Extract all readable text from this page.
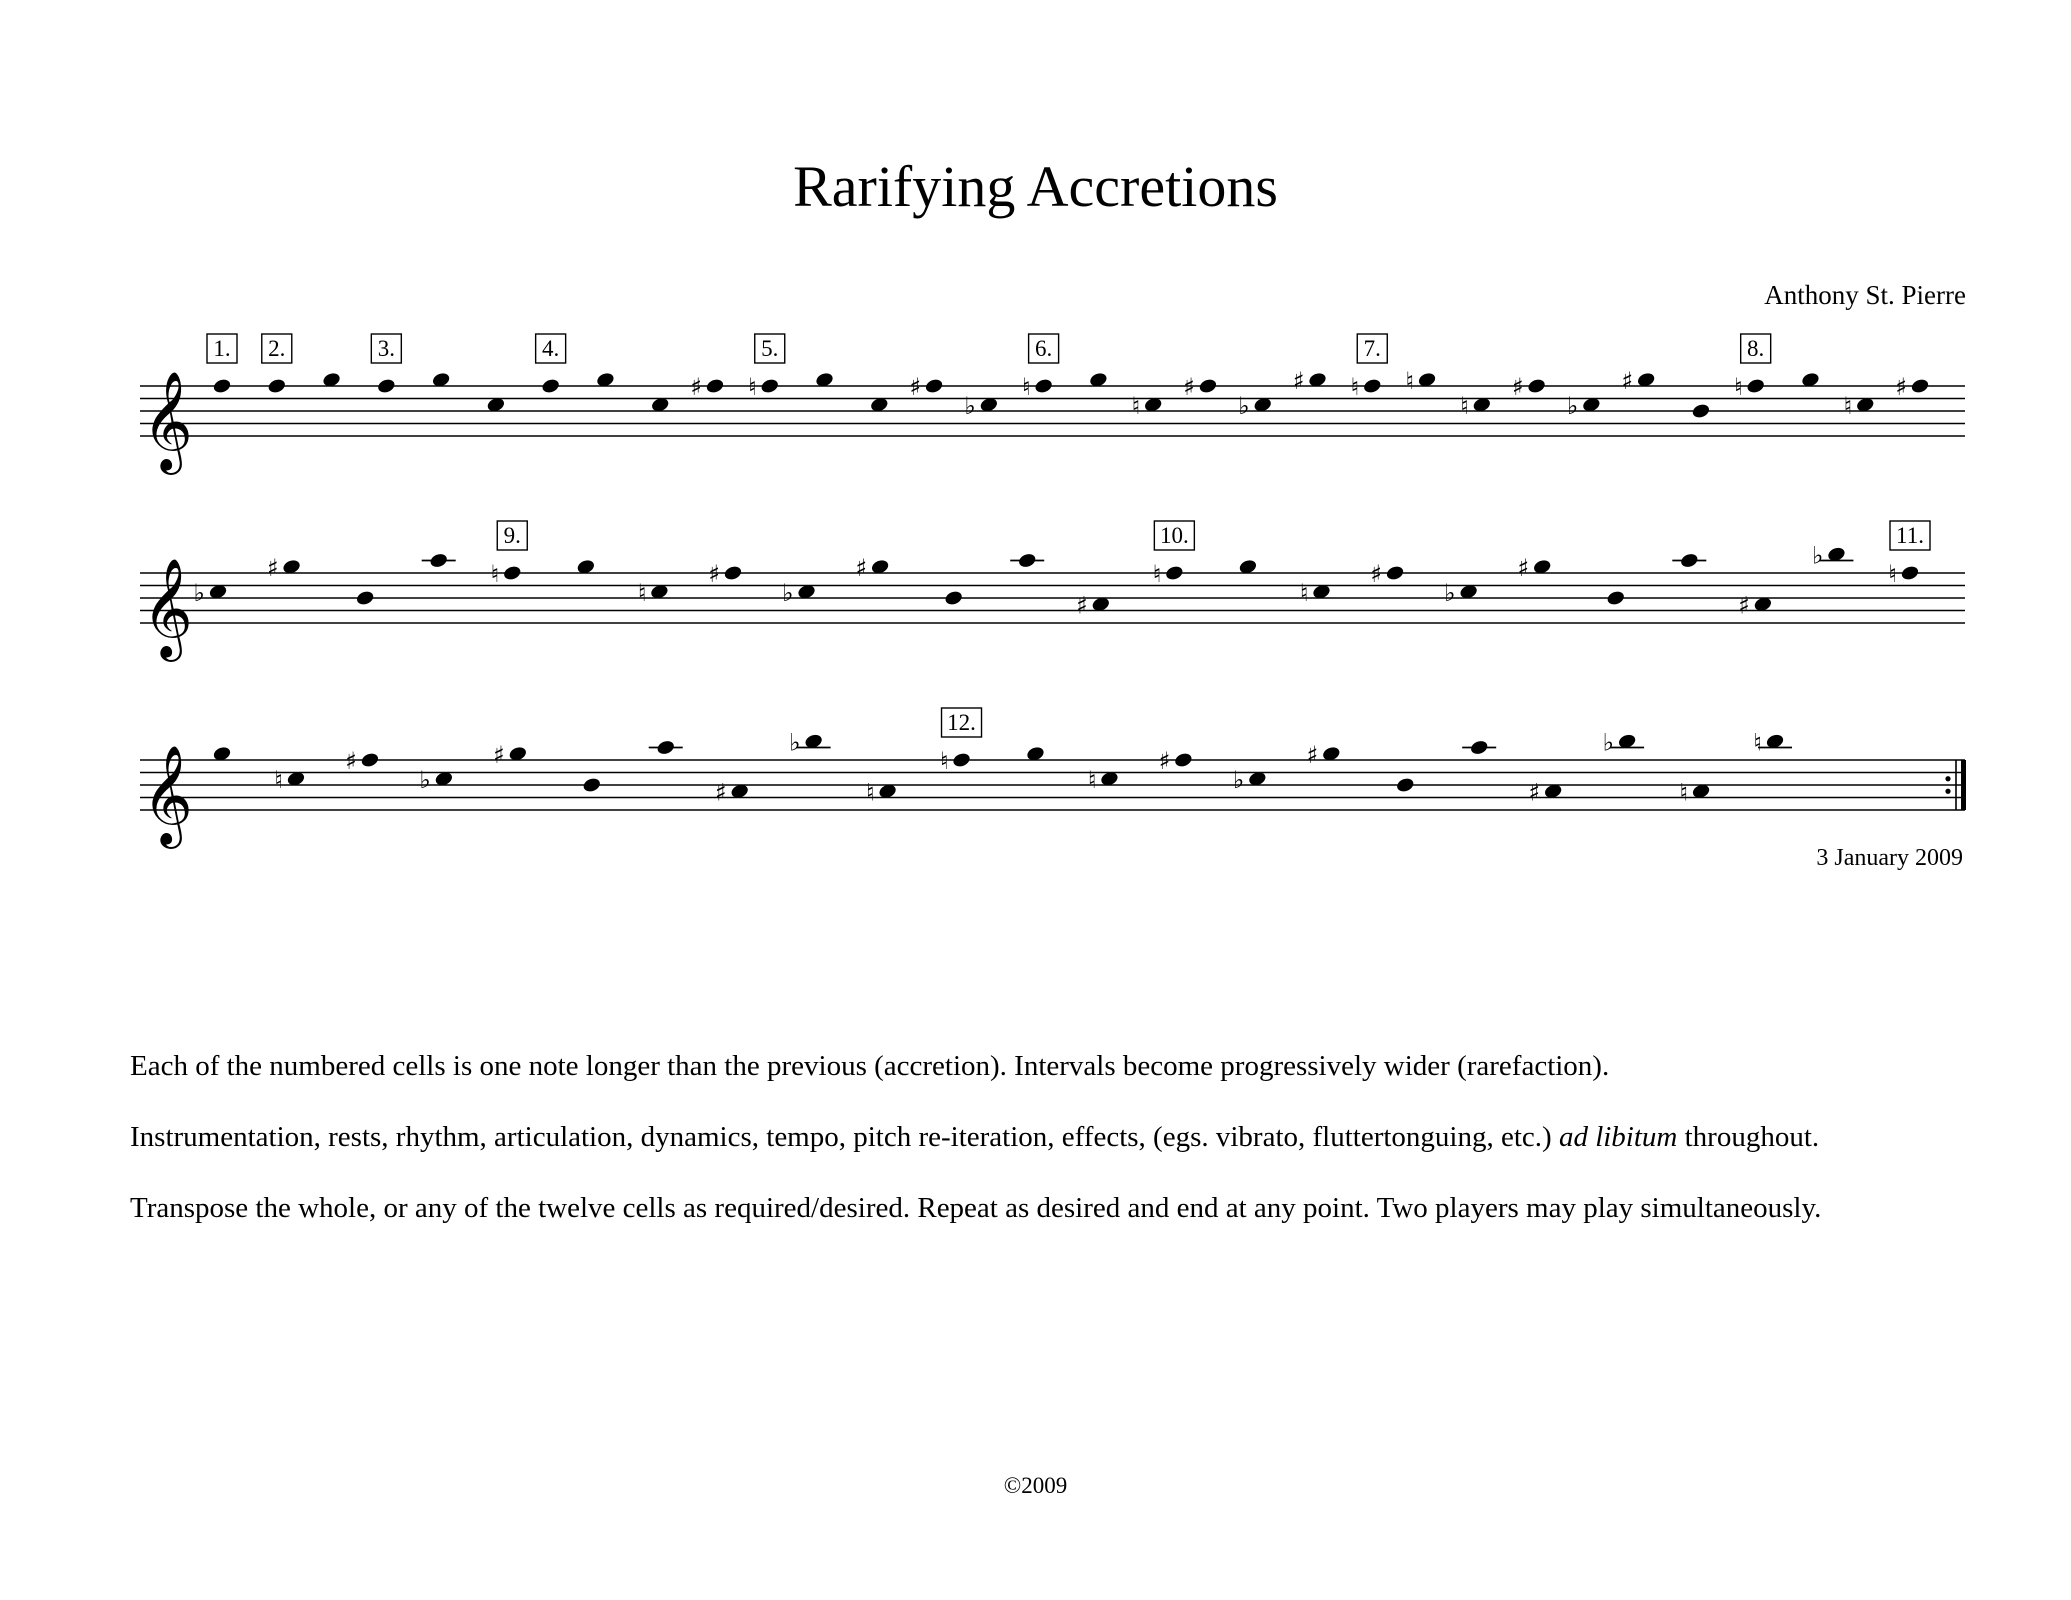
Rarifying Accretions
Anthony St. Pierre
𝄞
1. 2.	3.	4.
♯ ♮
5.
♯
♭
♮
6.
♮
♯
♭
♯ ♮
7.
♮
♮
♯
♭
♯	♮
8.
♮
♯
𝄞 ♭
♯	♮
9.
♮
♯
♭
♯
♯
♮
10.
♮
♯
♭
♯
♯
♭
♮
11.
𝄞	♮
♯
♭
♯
♯
♭
♮
♮
12.
♮
♯
♭
♯
♯
♭
♮
♮
3 January 2009

Each of the numbered cells is one note longer than the previous (accretion). Intervals become progressively wider (rarefaction).

Instrumentation, rests, rhythm, articulation, dynamics, tempo, pitch re-iteration, effects, (egs. vibrato, fluttertonguing, etc.) ad libitum throughout.

Transpose the whole, or any of the twelve cells as required/desired. Repeat as desired and end at any point. Two players may play simultaneously.

©2009
